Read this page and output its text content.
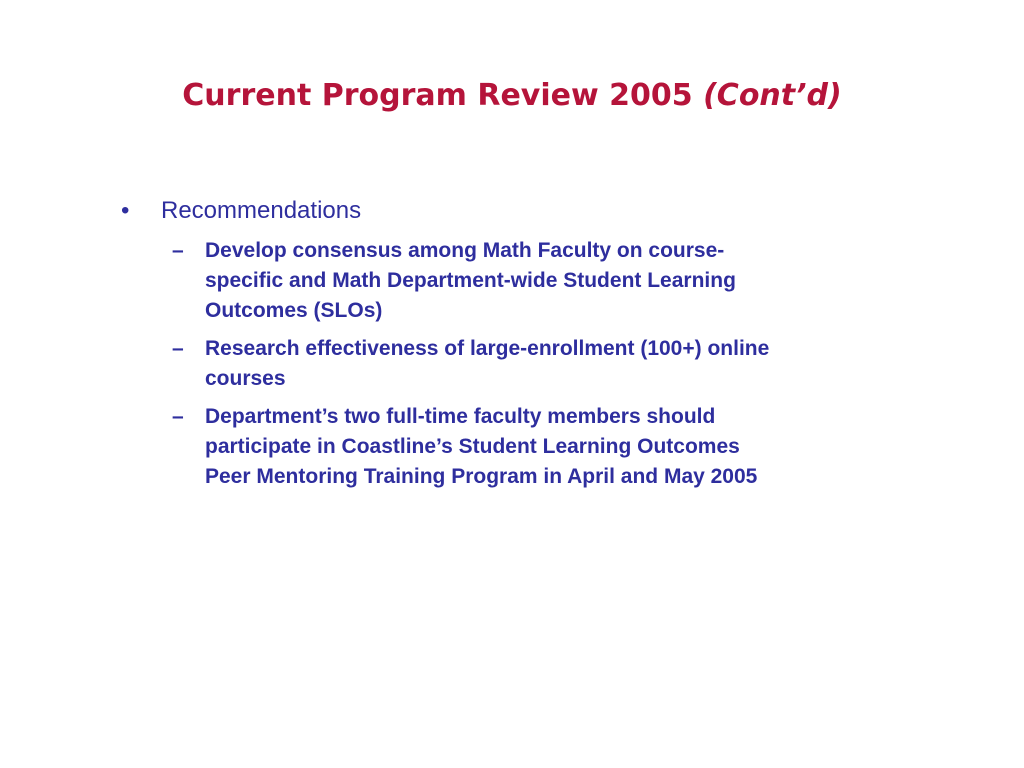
Current Program Review 2005 (Cont’d)
• Recommendations
– Develop consensus among Math Faculty on course-
specific and Math Department-wide Student Learning
Outcomes (SLOs)
– Research effectiveness of large-enrollment (100+) online
courses
– Department’s two full-time faculty members should
participate in Coastline’s Student Learning Outcomes
Peer Mentoring Training Program in April and May 2005
